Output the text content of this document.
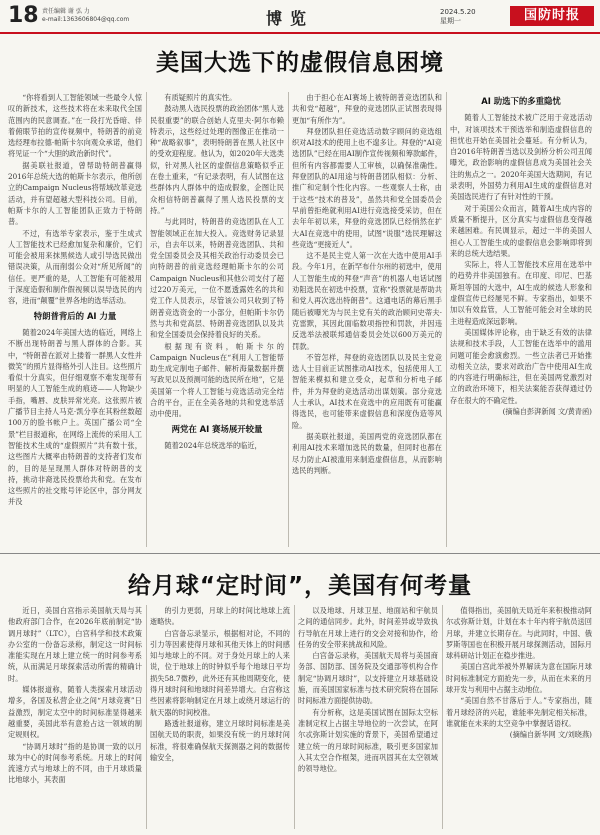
18 责任编辑 谢 弘 力
e-mail:1363606804@qq.com	博览	2024.5.20
星期一	国防时报
美国大选下的虚假信息困境

“你将看到人工智能领域一些最令人惊叹的新技术，这些技术将在未来取代全国范围内的民意调查。”在一段打光昏暗、伴着俯眼节拍的宣传视频中，特朗普的前竞选经理布拉德·帕斯卡尔向观众承诺，他们将见证一个“大胆的政治新时代”。

据美联社报道，曾帮助特朗普赢得2016年总统大选的帕斯卡尔表示，他所创立的Campaign Nucleus将帮域改革竞选活动，并有望超越大型科技公司。目前，帕斯卡尔的人工智能团队正致力于特朗普。

不过，有选举专家表示，鉴于生成式人工智能技术已经愈加复杂和廉价，它们可能会被用来抹黑候选人或引导选民做出错误决策，从而削弱公众对“所见所闻”的信任。更严重的是，人工智能有可能被用于深度造假和制作假视频以误导选民的内容，进而“颠覆”世界各地的选举活动。

特朗普背后的 AI 力量

随着2024年美国大选的临近，网络上不断出现特朗普与黑人群体的合影。其中，“特朗普在派对上搂着一群黑人女性并微笑”的照片显得格外引人注目。这些照片看似十分真实，但仔细观察不难发现带有明显的人工智能生成的痕迹——人物缺少手指，嘴唇、皮肤异常光亮。这张照片被广播节目主持人马克·凯分享在其粉丝数超100万的脸书帐户上。英国广播公司“全景”栏目报道称，在网络上流传的采用人工智能技术生成的“虚假照片”共有数十张，这些图片大概率由特朗普的支持者们发布的，目的是呈现黑人群体对特朗普的支持，挑动非裔选民投票给共和党。在发布这些照片的社交账号评论区中，部分网友并没

有质疑照片的真实性。

鼓动黑人选民投票的政治团体“黑人选民很重要”的联合创始人克里夫·阿尔布赖特表示，这些经过处理的图像正在推动一种“战略叙事”，表明特朗普在黑人社区中的受欢迎程度。他认为，如2020年大选类似，针对黑人社区的虚假信息策略似乎正在卷土重来，“有记录表明，有人试图在这些群体内人群体中的造成假象，企图让民众相信特朗普赢得了黑人选民投票的支持。”

与此同时，特朗普的竞选团队在人工智能领域正在加大投入。竞选财务记录显示，自去年以来，特朗普竞选团队、共和党全国委员会及其相关政治行动委员会已向特朗普的前竞选经理帕斯卡尔的公司Campaign Nucleus和其他公司支付了超过220万美元，一位不愿透露姓名的共和党工作人员表示，尽管该公司只收到了特朗普竞选资金的一小部分，但帕斯卡尔仍然与共和党高层、特朗普竞选团队以及共和党全国委员会保持着良好的关系。

根据现有资料，帕斯卡尔的Campaign Nucleus在“利用人工智能帮助生成定制电子邮件、解析海量数据并撰写政见以及预测可能的选民所在地”，它是美国第一个将人工智能与竞选活动完全结合的平台，正在全美各地的共和党选举活动中使用。

两党在 AI 赛场展开较量

随着2024年总统选举的临近，

由于担心在AI赛场上被特朗普竞选团队和共和党“超越”，拜登的竞选团队正试图表现得更加“有所作为”。

拜登团队担任竞选活动数字顾问的竞选组织对AI技术的使用上也不遑多让。拜登的“AI竞选团队”已经在用AI制作宣传视频和筹款邮件，但所有内容都需要人工审核，以确保准确性。拜登团队的AI用途与特朗普团队相似：分析、推广和定制个性化内容。一些观察人士称，由于这些“技术的普及”，虽然共和党全国委员会早前曾拒绝就利用AI进行竞选接受采访，但在去年年初以来，拜登的竞选团队已经悄然在扩大AI在竞选中的使用，试图“说服”选民理解这些竞选“更接近人”。

这不是民主党人第一次在大选中使用AI手段。今年1月，在新罕布什尔州的初选中，使用人工智能生成的拜登“声音”的机器人电话试图劝阻选民在初选中投票，宣称“投票就是帮助共和党人再次选出特朗普”。这通电话的幕后黑手随后被曝光为与民主党有关的政治顾问史蒂夫·克雷默，其因此面临数项指控和罚款，并因违反选举法被联邦通信委员会处以600万美元的罚款。

不管怎样，拜登的竞选团队以及民主党竞选人士目前正试图推动AI技术，包括使用人工智能来模拟和建立受众，起草和分析电子邮件，并为拜登的竞选活动出谋划策。部分竞选人士承认，AI技术在竞选中的应用既有可能赢得选民，也可能带来虚假信息和深度伪造等风险。

据美联社报道，美国两党的竞选团队都在利用AI技术来增加选民的数量，但同时也都在尽力防止AI被滥用来制造虚假信息，从而影响选民的判断。

AI 助选下的多重隐忧

随着人工智能技术被广泛用于竞选活动中，对该项技术干预选举和制造虚假信息的担忧也开始在美国社会蔓延。有分析认为，自2016年特朗普当选以及剑桥分析公司丑闻曝光，政治影响的虚假信息成为美国社会关注的焦点之一。2020年美国大选期间，有记录表明，外国势力利用AI生成的虚假信息对美国选民进行了有针对性的干预。

对于美国公众而言，随着AI生成内容的质量不断提升，区分真实与虚假信息变得越来越困难。有民调显示，超过一半的美国人担心人工智能生成的虚假信息会影响即将到来的总统大选结果。

实际上，将人工智能技术应用在选举中的趋势并非美国独有。在印度、印尼、巴基斯坦等国的大选中，AI生成的候选人形象和虚假宣传已经屡见不鲜。专家指出，如果不加以有效监管，人工智能可能会对全球的民主进程造成深远影响。

美国媒体评论称，由于缺乏有效的法律法规和技术手段，人工智能在选举中的滥用问题可能会愈演愈烈。一些立法者已开始推动相关立法，要求对政治广告中使用AI生成的内容进行明确标注，但在美国两党激烈对立的政治环境下，相关法案能否获得通过仍存在很大的不确定性。

(摘编自彭湃新闻 文/黄青函)

给月球“定时间”，美国有何考量

近日，美国白宫指示美国航天局与其他政府部门合作，在2026年底前制定“协调月球时”（LTC），白宫科学和技术政策办公室的一份备忘录称，制定这一时间标准能实现在月球上建立统一的时间参考系统，从而满足月球探索活动所需的精确计时。

媒体报道称，随着人类探索月球活动增多，各国及私营企业之间“月球竞赛”日益激烈，制定太空中的时间标准显得越来越重要，美国此举有意抢占这一领域的制定规则权。

“协调月球时”指的是协调一致的以月球为中心的时间参考系统。月球上的时间流速方式与地球上的不同，由于月球质量比地球小，其表面

的引力更弱，月球上的时间比地球上流逝略快。

白宫备忘录显示，根据相对论，不同的引力等因素使得月球和其他天体上的时间感知与地球上的不同。对于身处月球上的人来说，位于地球上的时钟似乎每个地球日平均损失58.7微秒，此外还有其他周期变化，使得月球时间和地球时间差异增大。白宫称这些因素将影响制定在月球上或绕月球运行的航天器的时间校准。

路透社报道称，建立月球时间标准是美国航天局的职责，如果没有统一的月球时间标准，将很难确保航天探测器之间的数据传输安全，

以及地球、月球卫星、地面站和宇航员之间的通信同步。此外，时间差异或导致执行导航在月球上进行的交会对接和协作，给任务的安全带来挑战和风险。

白宫备忘录称，美国航天局将与美国商务部、国防部、国务院及交通部等机构合作制定“协调月球时”，以支持建立月球基础设施，而美国国家标准与技术研究院将在国际时间标准方面提供协助。

有分析称，这是美国试图在国际太空标准制定权上占据主导地位的一次尝试，在阿尔忒弥斯计划实施的背景下，美国希望通过建立统一的月球时间标准，吸引更多国家加入其太空合作框架，进而巩固其在太空领域的领导地位。

值得指出，美国航天局近年来积极推动阿尔忒弥斯计划，计划在本十年内将宇航员送回月球，并建立长期存在。与此同时，中国、俄罗斯等国也在积极开展月球探测活动，国际月球科研站计划正在稳步推进。

美国白宫此举被外界解读为意在国际月球时间标准制定方面抢先一步，从而在未来的月球开发与利用中占据主动地位。

“美国自然不甘落后于人。”专家指出，随着月球经济的兴起，谁能率先制定相关标准，谁就能在未来的太空竞争中掌握话语权。

(摘编自新华网 文/刘晓燕)
